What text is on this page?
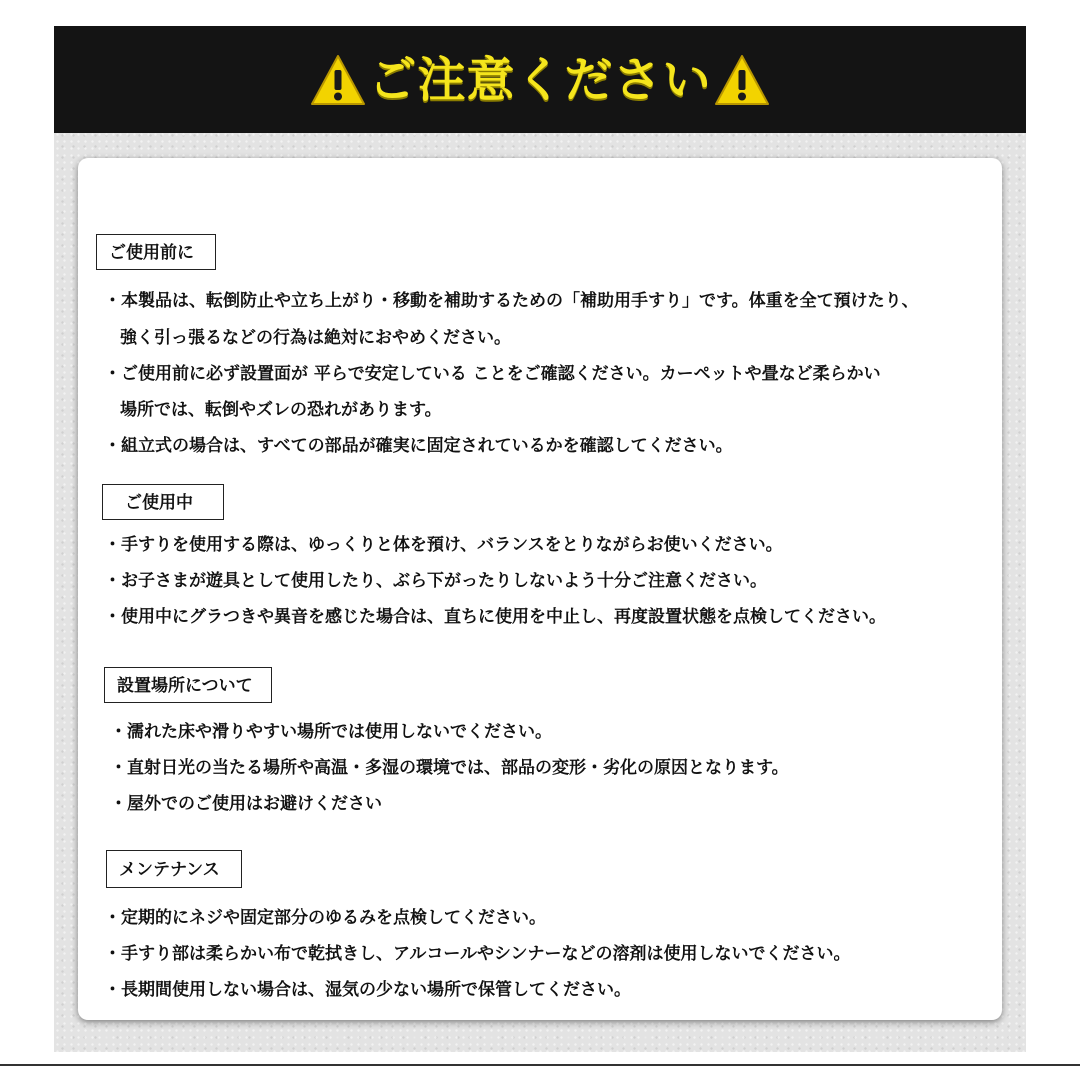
ご注意ください
ご使用前に
・本製品は、転倒防止や立ち上がり・移動を補助するための「補助用手すり」です。体重を全て預けたり、
強く引っ張るなどの行為は絶対におやめください。
・ご使用前に必ず設置面が 平らで安定している ことをご確認ください。カーペットや畳など柔らかい
場所では、転倒やズレの恐れがあります。
・組立式の場合は、すべての部品が確実に固定されているかを確認してください。
ご使用中
・手すりを使用する際は、ゆっくりと体を預け、バランスをとりながらお使いください。
・お子さまが遊具として使用したり、ぶら下がったりしないよう十分ご注意ください。
・使用中にグラつきや異音を感じた場合は、直ちに使用を中止し、再度設置状態を点検してください。
設置場所について
・濡れた床や滑りやすい場所では使用しないでください。
・直射日光の当たる場所や高温・多湿の環境では、部品の変形・劣化の原因となります。
・屋外でのご使用はお避けください
メンテナンス
・定期的にネジや固定部分のゆるみを点検してください。
・手すり部は柔らかい布で乾拭きし、アルコールやシンナーなどの溶剤は使用しないでください。
・長期間使用しない場合は、湿気の少ない場所で保管してください。
